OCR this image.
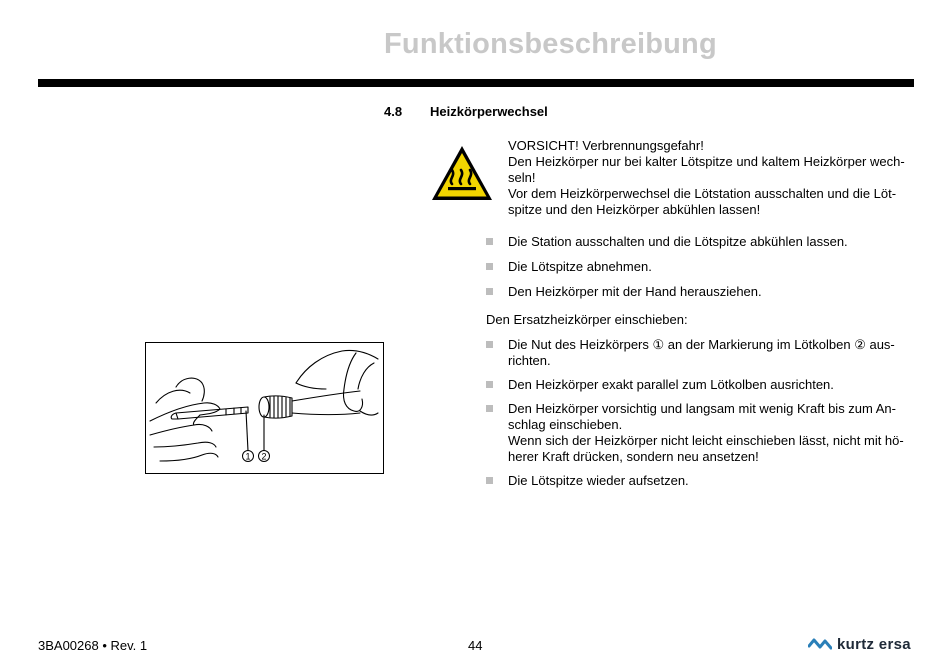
Funktionsbeschreibung
4.8 Heizkörperwechsel
VORSICHT! Verbrennungsgefahr!
Den Heizkörper nur bei kalter Lötspitze und kaltem Heizkörper wech-
seln!
Vor dem Heizkörperwechsel die Lötstation ausschalten und die Löt-
spitze und den Heizkörper abkühlen lassen!
Die Station ausschalten und die Lötspitze abkühlen lassen.
Die Lötspitze abnehmen.
Den Heizkörper mit der Hand herausziehen.
Den Ersatzheizkörper einschieben:
Die Nut des Heizkörpers ① an der Markierung im Lötkolben ② aus-
richten.
Den Heizkörper exakt parallel zum Lötkolben ausrichten.
Den Heizkörper vorsichtig und langsam mit wenig Kraft bis zum An-
schlag einschieben.
Wenn sich der Heizkörper nicht leicht einschieben lässt, nicht mit hö-
herer Kraft drücken, sondern neu ansetzen!
Die Lötspitze wieder aufsetzen.
1 2
3BA00268 • Rev. 1	44	kurtz ersa
